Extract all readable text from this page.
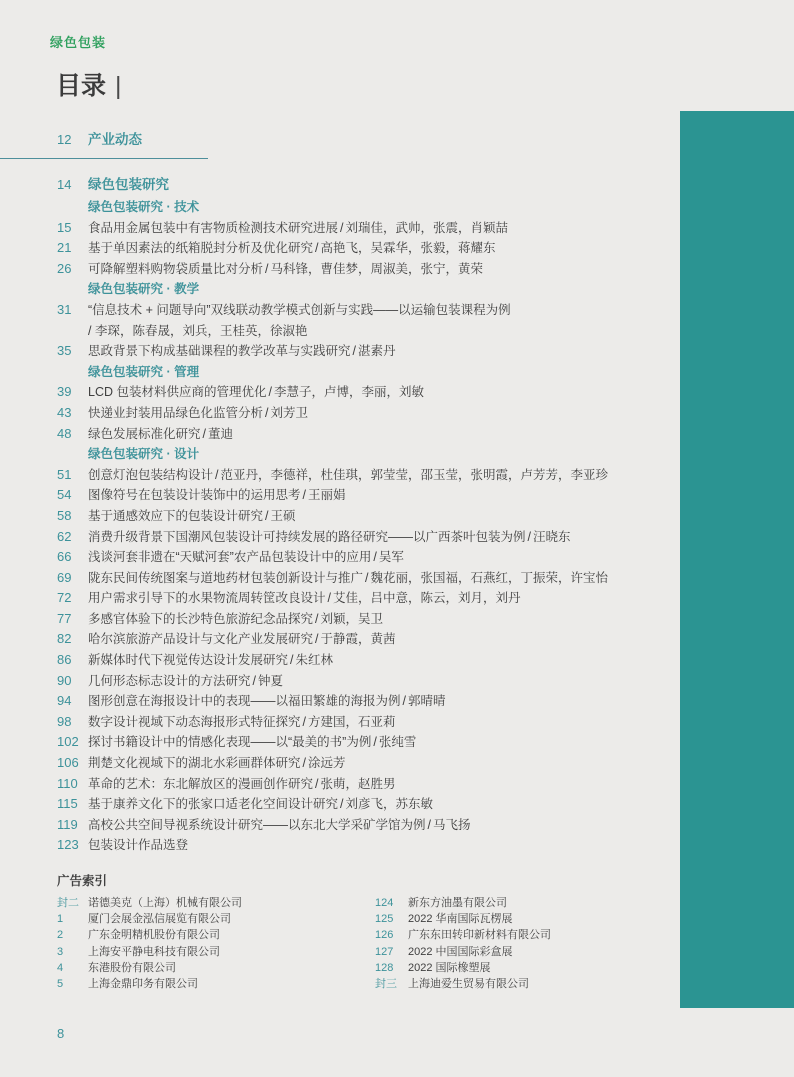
绿色包装
目录 |
12	产业动态
14	绿色包装研究
绿色包装研究 · 技术
15	食品用金属包装中有害物质检测技术研究进展 / 刘瑞佳，武帅，张震，肖颖喆
21	基于单因素法的纸箱脱封分析及优化研究 / 高艳飞，吴霖华，张毅，蒋耀东
26	可降解塑料购物袋质量比对分析 / 马科锋，曹佳梦，周淑美，张宁，黄荣
绿色包装研究 · 教学
31	“信息技术 + 问题导向”双线联动教学模式创新与实践——以运输包装课程为例
/ 李琛，陈春晟，刘兵，王桂英，徐淑艳
35	思政背景下构成基础课程的教学改革与实践研究 / 湛素丹
绿色包装研究 · 管理
39	LCD 包装材料供应商的管理优化 / 李慧子，卢博，李丽，刘敏
43	快递业封装用品绿色化监管分析 / 刘芳卫
48	绿色发展标准化研究 / 董迪
绿色包装研究 · 设计
51	创意灯泡包装结构设计 / 范亚丹，李德祥，杜佳琪，郭莹莹，邵玉莹，张明霞，卢芳芳，李亚珍
54	图像符号在包装设计装饰中的运用思考 / 王丽娟
58	基于通感效应下的包装设计研究 / 王硕
62	消费升级背景下国潮风包装设计可持续发展的路径研究——以广西茶叶包装为例 / 汪晓东
66	浅谈河套非遗在“天赋河套”农产品包装设计中的应用 / 吴军
69	陇东民间传统图案与道地药材包装创新设计与推广 / 魏花丽，张国福，石燕红，丁振荣，许宝怡
72	用户需求引导下的水果物流周转筐改良设计 / 艾佳，吕中意，陈云，刘月，刘丹
77	多感官体验下的长沙特色旅游纪念品探究 / 刘颖，吴卫
82	哈尔滨旅游产品设计与文化产业发展研究 / 于静霞，黄茜
86	新媒体时代下视觉传达设计发展研究 / 朱红林
90	几何形态标志设计的方法研究 / 钟夏
94	图形创意在海报设计中的表现——以福田繁雄的海报为例 / 郭晴晴
98	数字设计视域下动态海报形式特征探究 / 方建国，石亚莉
102 探讨书籍设计中的情感化表现——以“最美的书”为例 / 张纯雪
106 荆楚文化视域下的湖北水彩画群体研究 / 涂远芳
110 革命的艺术：东北解放区的漫画创作研究 / 张萌，赵胜男
115 基于康养文化下的张家口适老化空间设计研究 / 刘彦飞，苏东敏
119 高校公共空间导视系统设计研究——以东北大学采矿学馆为例 / 马飞扬
123 包装设计作品选登
广告索引
封二 诺德美克（上海）机械有限公司
1	厦门会展金泓信展览有限公司
2	广东金明精机股份有限公司
3	上海安平静电科技有限公司
4	东港股份有限公司
5	上海金鼎印务有限公司
124	新东方油墨有限公司
125	2022 华南国际瓦楞展
126	广东东田转印新材料有限公司
127	2022 中国国际彩盒展
128	2022 国际橡塑展
封三	上海迪爱生贸易有限公司
8
